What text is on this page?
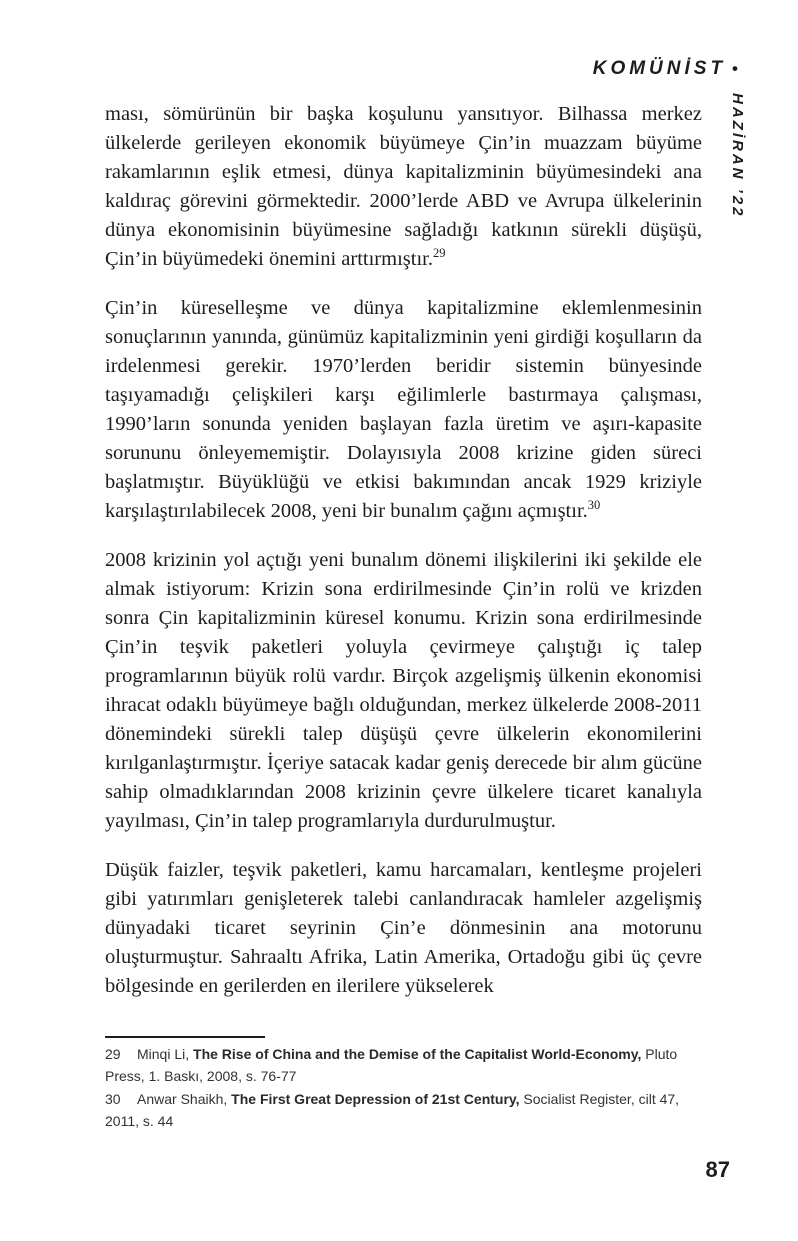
KOMÜNİST •
HAZİRAN ’22

ması, sömürünün bir başka koşulunu yansıtıyor. Bilhassa merkez ülkelerde gerileyen ekonomik büyümeye Çin’in muazzam büyüme rakamlarının eşlik etmesi, dünya kapitalizminin büyümesindeki ana kaldıraç görevini görmektedir. 2000’lerde ABD ve Avrupa ülkelerinin dünya ekonomisinin büyümesine sağladığı katkının sürekli düşüşü, Çin’in büyümedeki önemini arttırmıştır.$^{29}$

Çin’in küreselleşme ve dünya kapitalizmine eklemlenmesinin sonuçlarının yanında, günümüz kapitalizminin yeni girdiği koşulların da irdelenmesi gerekir. 1970’lerden beridir sistemin bünyesinde taşıyamadığı çelişkileri karşı eğilimlerle bastırmaya çalışması, 1990’ların sonunda yeniden başlayan fazla üretim ve aşırı-kapasite sorununu önleyememiştir. Dolayısıyla 2008 krizine giden süreci başlatmıştır. Büyüklüğü ve etkisi bakımından ancak 1929 kriziyle karşılaştırılabilecek 2008, yeni bir bunalım çağını açmıştır.$^{30}$

2008 krizinin yol açtığı yeni bunalım dönemi ilişkilerini iki şekilde ele almak istiyorum: Krizin sona erdirilmesinde Çin’in rolü ve krizden sonra Çin kapitalizminin küresel konumu. Krizin sona erdirilmesinde Çin’in teşvik paketleri yoluyla çevirmeye çalıştığı iç talep programlarının büyük rolü vardır. Birçok azgelişmiş ülkenin ekonomisi ihracat odaklı büyümeye bağlı olduğundan, merkez ülkelerde 2008-2011 dönemindeki sürekli talep düşüşü çevre ülkelerin ekonomilerini kırılganlaştırmıştır. İçeriye satacak kadar geniş derecede bir alım gücüne sahip olmadıklarından 2008 krizinin çevre ülkelere ticaret kanalıyla yayılması, Çin’in talep programlarıyla durdurulmuştur.

Düşük faizler, teşvik paketleri, kamu harcamaları, kentleşme projeleri gibi yatırımları genişleterek talebi canlandıracak hamleler azgelişmiş dünyadaki ticaret seyrinin Çin’e dönmesinin ana motorunu oluşturmuştur. Sahraaltı Afrika, Latin Amerika, Ortadoğu gibi üç çevre bölgesinde en gerilerden en ilerilere yükselerek

29 Minqi Li, The Rise of China and the Demise of the Capitalist World-Economy, Pluto Press, 1. Baskı, 2008, s. 76-77

30 Anwar Shaikh, The First Great Depression of 21st Century, Socialist Register, cilt 47, 2011, s. 44

87
